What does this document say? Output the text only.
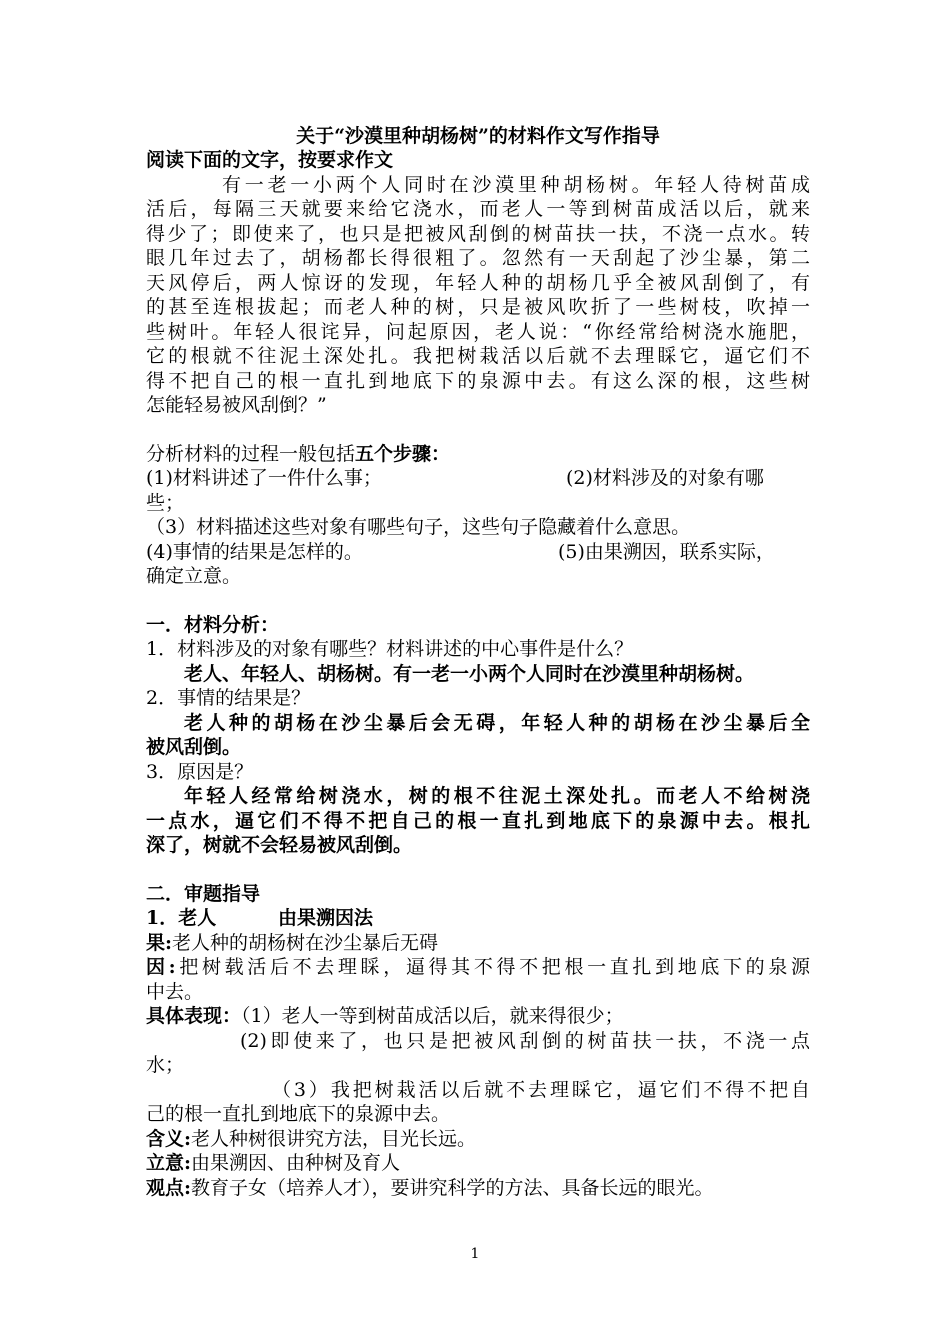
关于“沙漠里种胡杨树”的材料作文写作指导
阅读下面的文字，按要求作文
有一老一小两个人同时在沙漠里种胡杨树。年轻人待树苗成
活后，每隔三天就要来给它浇水，而老人一等到树苗成活以后，就来
得少了；即使来了，也只是把被风刮倒的树苗扶一扶，不浇一点水。转
眼几年过去了，胡杨都长得很粗了。忽然有一天刮起了沙尘暴，第二
天风停后，两人惊讶的发现，年轻人种的胡杨几乎全被风刮倒了，有
的甚至连根拔起；而老人种的树，只是被风吹折了一些树枝，吹掉一
些树叶。年轻人很诧异，问起原因，老人说：“你经常给树浇水施肥，
它的根就不往泥土深处扎。我把树栽活以后就不去理睬它，逼它们不
得不把自己的根一直扎到地底下的泉源中去。有这么深的根，这些树
怎能轻易被风刮倒？”
分析材料的过程一般包括五个步骤：
(1)材料讲述了一件什么事；	(2)材料涉及的对象有哪
些；
（3）材料描述这些对象有哪些句子，这些句子隐藏着什么意思。
(4)事情的结果是怎样的。	(5)由果溯因，联系实际，
确定立意。
一．材料分析：
1．材料涉及的对象有哪些？材料讲述的中心事件是什么？
老人、年轻人、胡杨树。有一老一小两个人同时在沙漠里种胡杨树。
2．事情的结果是？
老人种的胡杨在沙尘暴后会无碍，年轻人种的胡杨在沙尘暴后全
被风刮倒。
3．原因是？
年轻人经常给树浇水，树的根不往泥土深处扎。而老人不给树浇
一点水，逼它们不得不把自己的根一直扎到地底下的泉源中去。根扎
深了，树就不会轻易被风刮倒。
二．审题指导
1．老人	由果溯因法
果:老人种的胡杨树在沙尘暴后无碍
因:把树载活后不去理睬，逼得其不得不把根一直扎到地底下的泉源
中去。
具体表现：（1）老人一等到树苗成活以后，就来得很少；
(2)即使来了，也只是把被风刮倒的树苗扶一扶，不浇一点
水；
（3）我把树栽活以后就不去理睬它，逼它们不得不把自
己的根一直扎到地底下的泉源中去。
含义:老人种树很讲究方法，目光长远。
立意:由果溯因、由种树及育人
观点:教育子女（培养人才），要讲究科学的方法、具备长远的眼光。
1
